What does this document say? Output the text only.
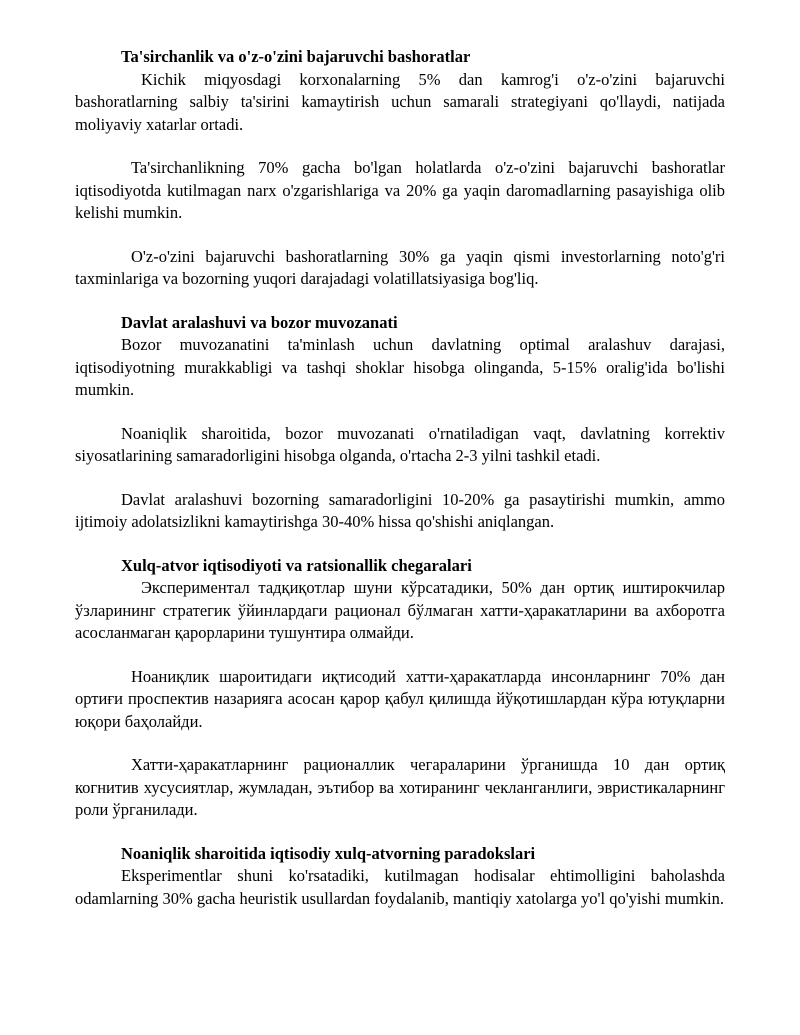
Ta'sirchanlik va o'z-o'zini bajaruvchi bashoratlar

Kichik miqyosdagi korxonalarning 5% dan kamrog'i o'z-o'zini bajaruvchi bashoratlarning salbiy ta'sirini kamaytirish uchun samarali strategiyani qo'llaydi, natijada moliyaviy xatarlar ortadi.

Ta'sirchanlikning 70% gacha bo'lgan holatlarda o'z-o'zini bajaruvchi bashoratlar iqtisodiyotda kutilmagan narx o'zgarishlariga va 20% ga yaqin daromadlarning pasayishiga olib kelishi mumkin.

O'z-o'zini bajaruvchi bashoratlarning 30% ga yaqin qismi investorlarning noto'g'ri taxminlariga va bozorning yuqori darajadagi volatillatsiyasiga bog'liq.

Davlat aralashuvi va bozor muvozanati

Bozor muvozanatini ta'minlash uchun davlatning optimal aralashuv darajasi, iqtisodiyotning murakkabligi va tashqi shoklar hisobga olinganda, 5-15% oralig'ida bo'lishi mumkin.

Noaniqlik sharoitida, bozor muvozanati o'rnatiladigan vaqt, davlatning korrektiv siyosatlarining samaradorligini hisobga olganda, o'rtacha 2-3 yilni tashkil etadi.

Davlat aralashuvi bozorning samaradorligini 10-20% ga pasaytirishi mumkin, ammo ijtimoiy adolatsizlikni kamaytirishga 30-40% hissa qo'shishi aniqlangan.

Xulq-atvor iqtisodiyoti va ratsionallik chegaralari

Экспериментал тадқиқотлар шуни кўрсатадики, 50% дан ортиқ иштирокчилар ўзларининг стратегик ўйинлардаги рационал бўлмаган хатти-ҳаракатларини ва ахборотга асосланмаган қарорларини тушунтира олмайди.

Ноаниқлик шароитидаги иқтисодий хатти-ҳаракатларда инсонларнинг 70% дан ортиғи проспектив назарияга асосан қарор қабул қилишда йўқотишлардан кўра ютуқларни юқори баҳолайди.

Хатти-ҳаракатларнинг рационаллик чегараларини ўрганишда 10 дан ортиқ когнитив хусусиятлар, жумладан, эътибор ва хотиранинг чекланганлиги, эвристикаларнинг роли ўрганилади.

Noaniqlik sharoitida iqtisodiy xulq-atvorning paradokslari

Eksperimentlar shuni ko'rsatadiki, kutilmagan hodisalar ehtimolligini baholashda odamlarning 30% gacha heuristik usullardan foydalanib, mantiqiy xatolarga yo'l qo'yishi mumkin.
